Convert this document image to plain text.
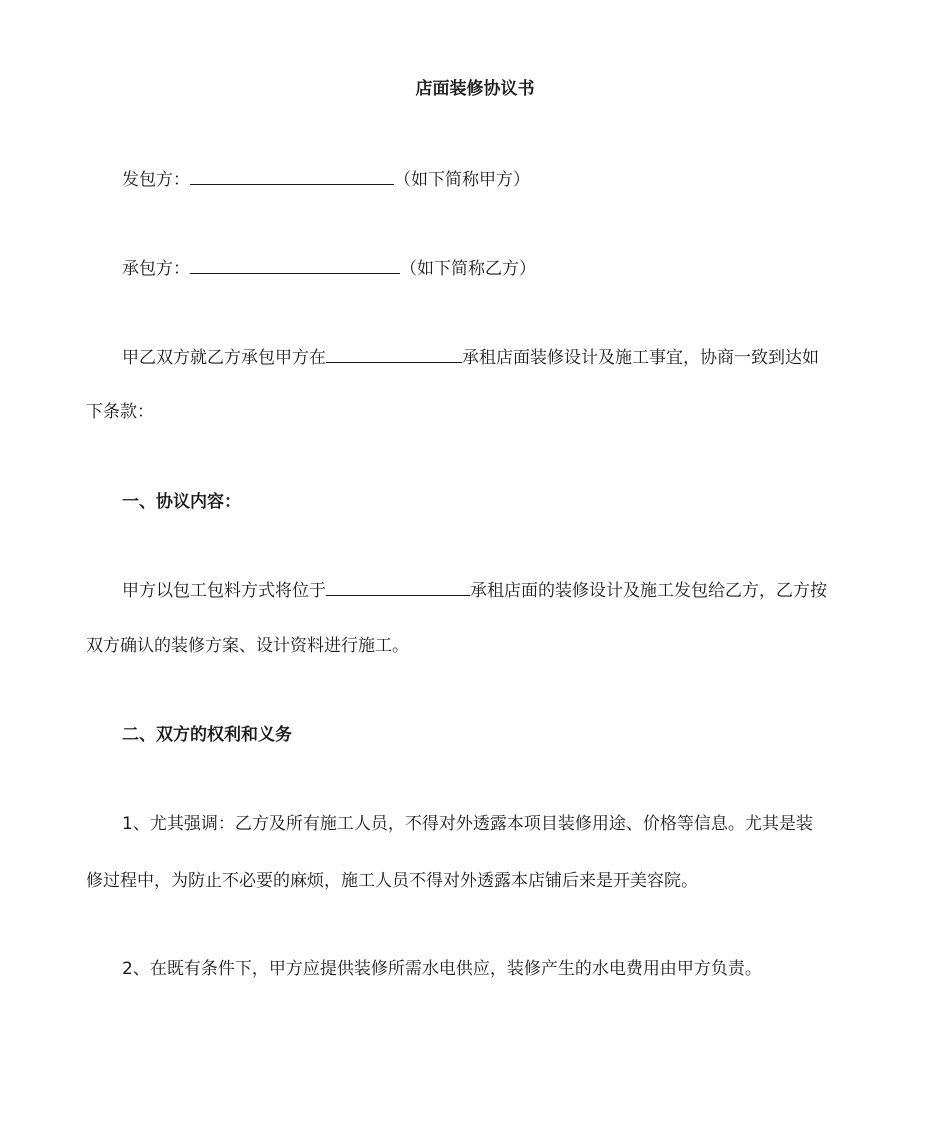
店面装修协议书
发包方：	（如下简称甲方）
承包方：	（如下简称乙方）
甲乙双方就乙方承包甲方在	承租店面装修设计及施工事宜，协商一致到达如
下条款：
一、协议内容：
甲方以包工包料方式将位于	承租店面的装修设计及施工发包给乙方，乙方按
双方确认的装修方案、设计资料进行施工。
二、双方的权利和义务
1、尤其强调：乙方及所有施工人员，不得对外透露本项目装修用途、价格等信息。尤其是装
修过程中，为防止不必要的麻烦，施工人员不得对外透露本店铺后来是开美容院。
2、在既有条件下，甲方应提供装修所需水电供应，装修产生的水电费用由甲方负责。
